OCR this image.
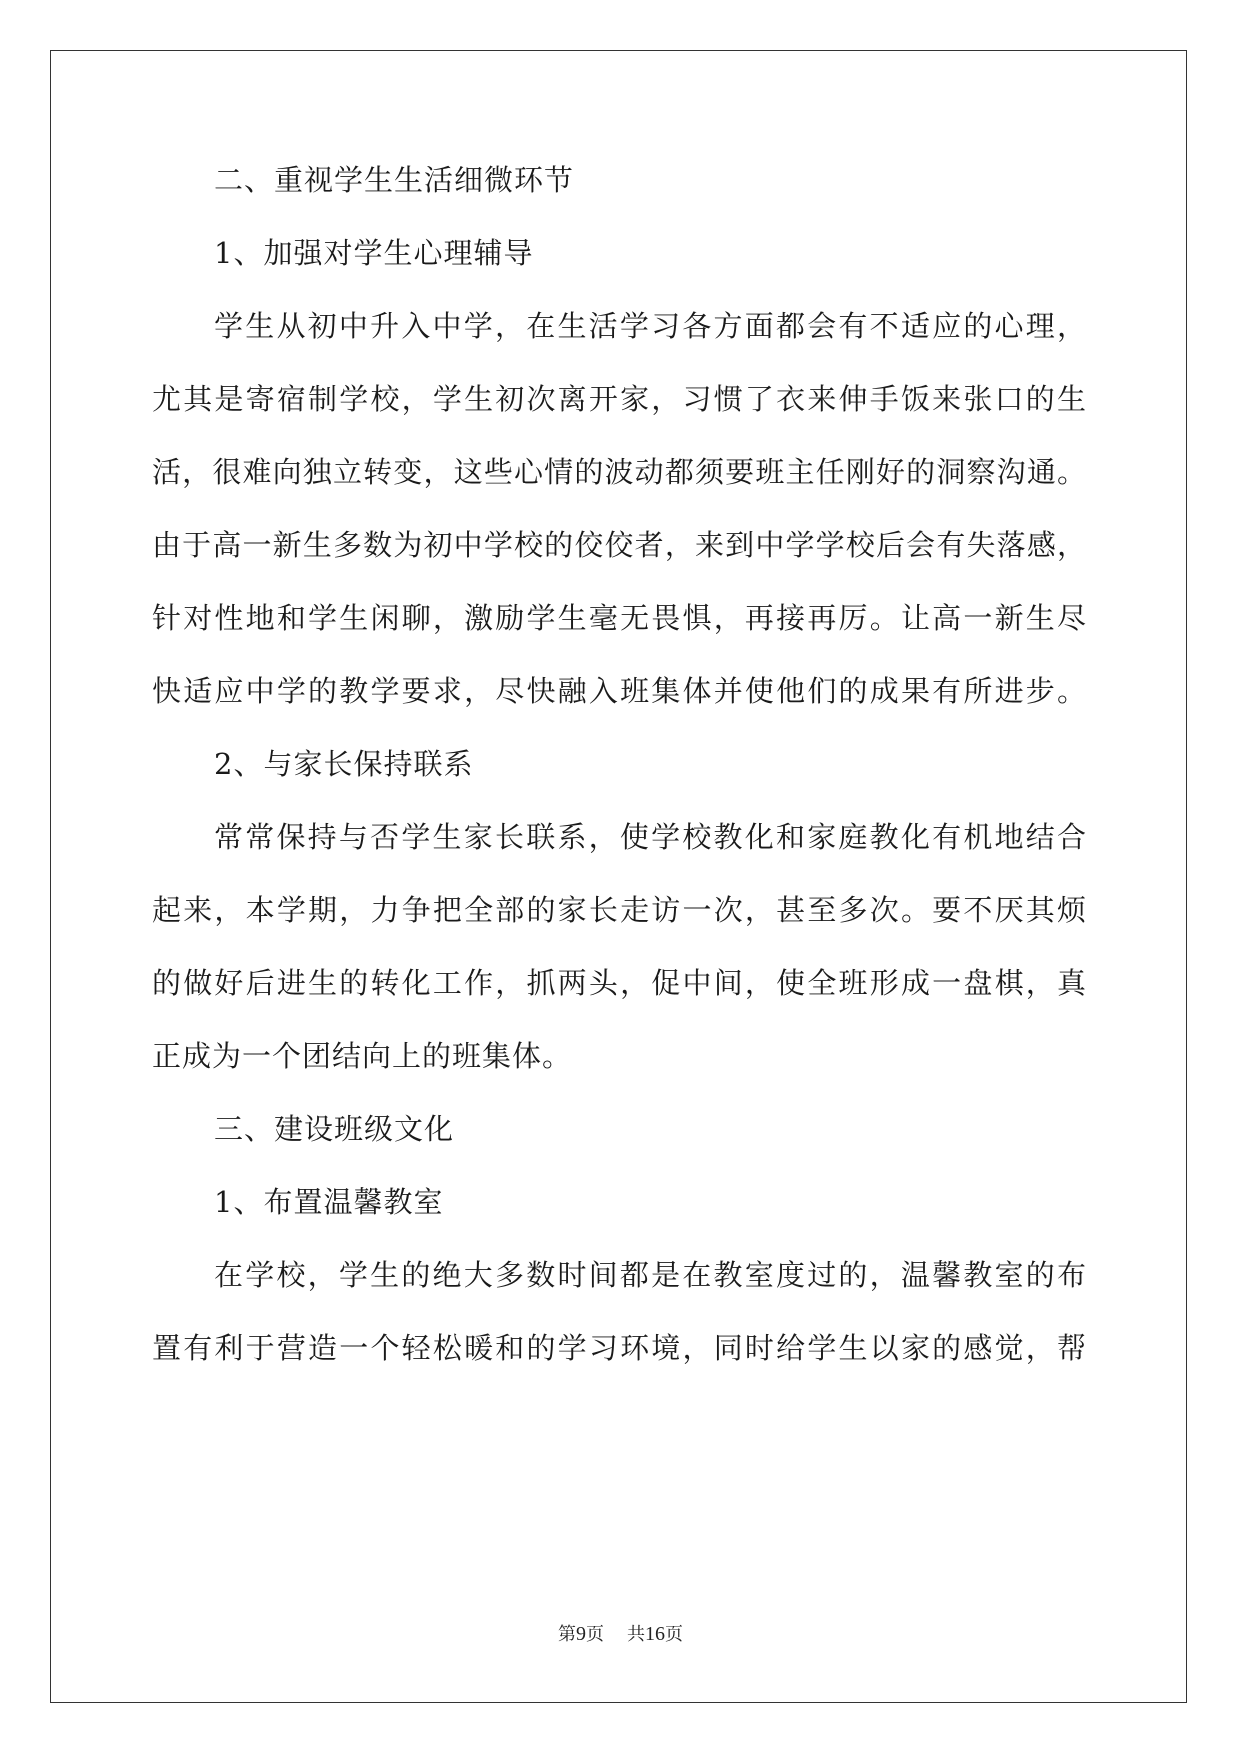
二、重视学生生活细微环节
1、加强对学生心理辅导
学生从初中升入中学，在生活学习各方面都会有不适应的心理，
尤其是寄宿制学校，学生初次离开家，习惯了衣来伸手饭来张口的生
活，很难向独立转变，这些心情的波动都须要班主任刚好的洞察沟通。
由于高一新生多数为初中学校的佼佼者，来到中学学校后会有失落感，
针对性地和学生闲聊，激励学生毫无畏惧，再接再厉。让高一新生尽
快适应中学的教学要求，尽快融入班集体并使他们的成果有所进步。
2、与家长保持联系
常常保持与否学生家长联系，使学校教化和家庭教化有机地结合
起来，本学期，力争把全部的家长走访一次，甚至多次。要不厌其烦
的做好后进生的转化工作，抓两头，促中间，使全班形成一盘棋，真
正成为一个团结向上的班集体。
三、建设班级文化
1、布置温馨教室
在学校，学生的绝大多数时间都是在教室度过的，温馨教室的布
置有利于营造一个轻松暖和的学习环境，同时给学生以家的感觉，帮
第9页 共16页
